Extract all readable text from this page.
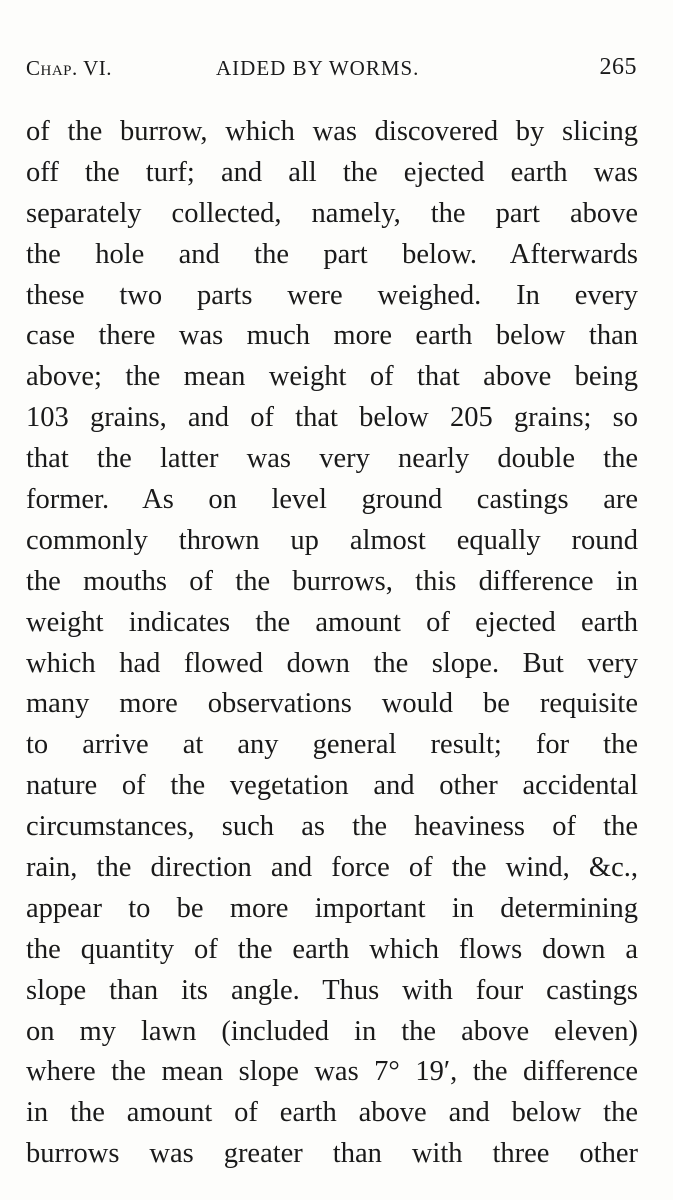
Chap. VI.	AIDED BY WORMS.	265
of the burrow, which was discovered by slicing
off the turf; and all the ejected earth was
separately collected, namely, the part above
the hole and the part below. Afterwards
these two parts were weighed. In every
case there was much more earth below than
above; the mean weight of that above being
103 grains, and of that below 205 grains; so
that the latter was very nearly double the
former. As on level ground castings are
commonly thrown up almost equally round
the mouths of the burrows, this difference in
weight indicates the amount of ejected earth
which had flowed down the slope. But very
many more observations would be requisite
to arrive at any general result; for the
nature of the vegetation and other accidental
circumstances, such as the heaviness of the
rain, the direction and force of the wind, &c.,
appear to be more important in determining
the quantity of the earth which flows down a
slope than its angle. Thus with four castings
on my lawn (included in the above eleven)
where the mean slope was 7° 19′, the difference
in the amount of earth above and below the
burrows was greater than with three other
